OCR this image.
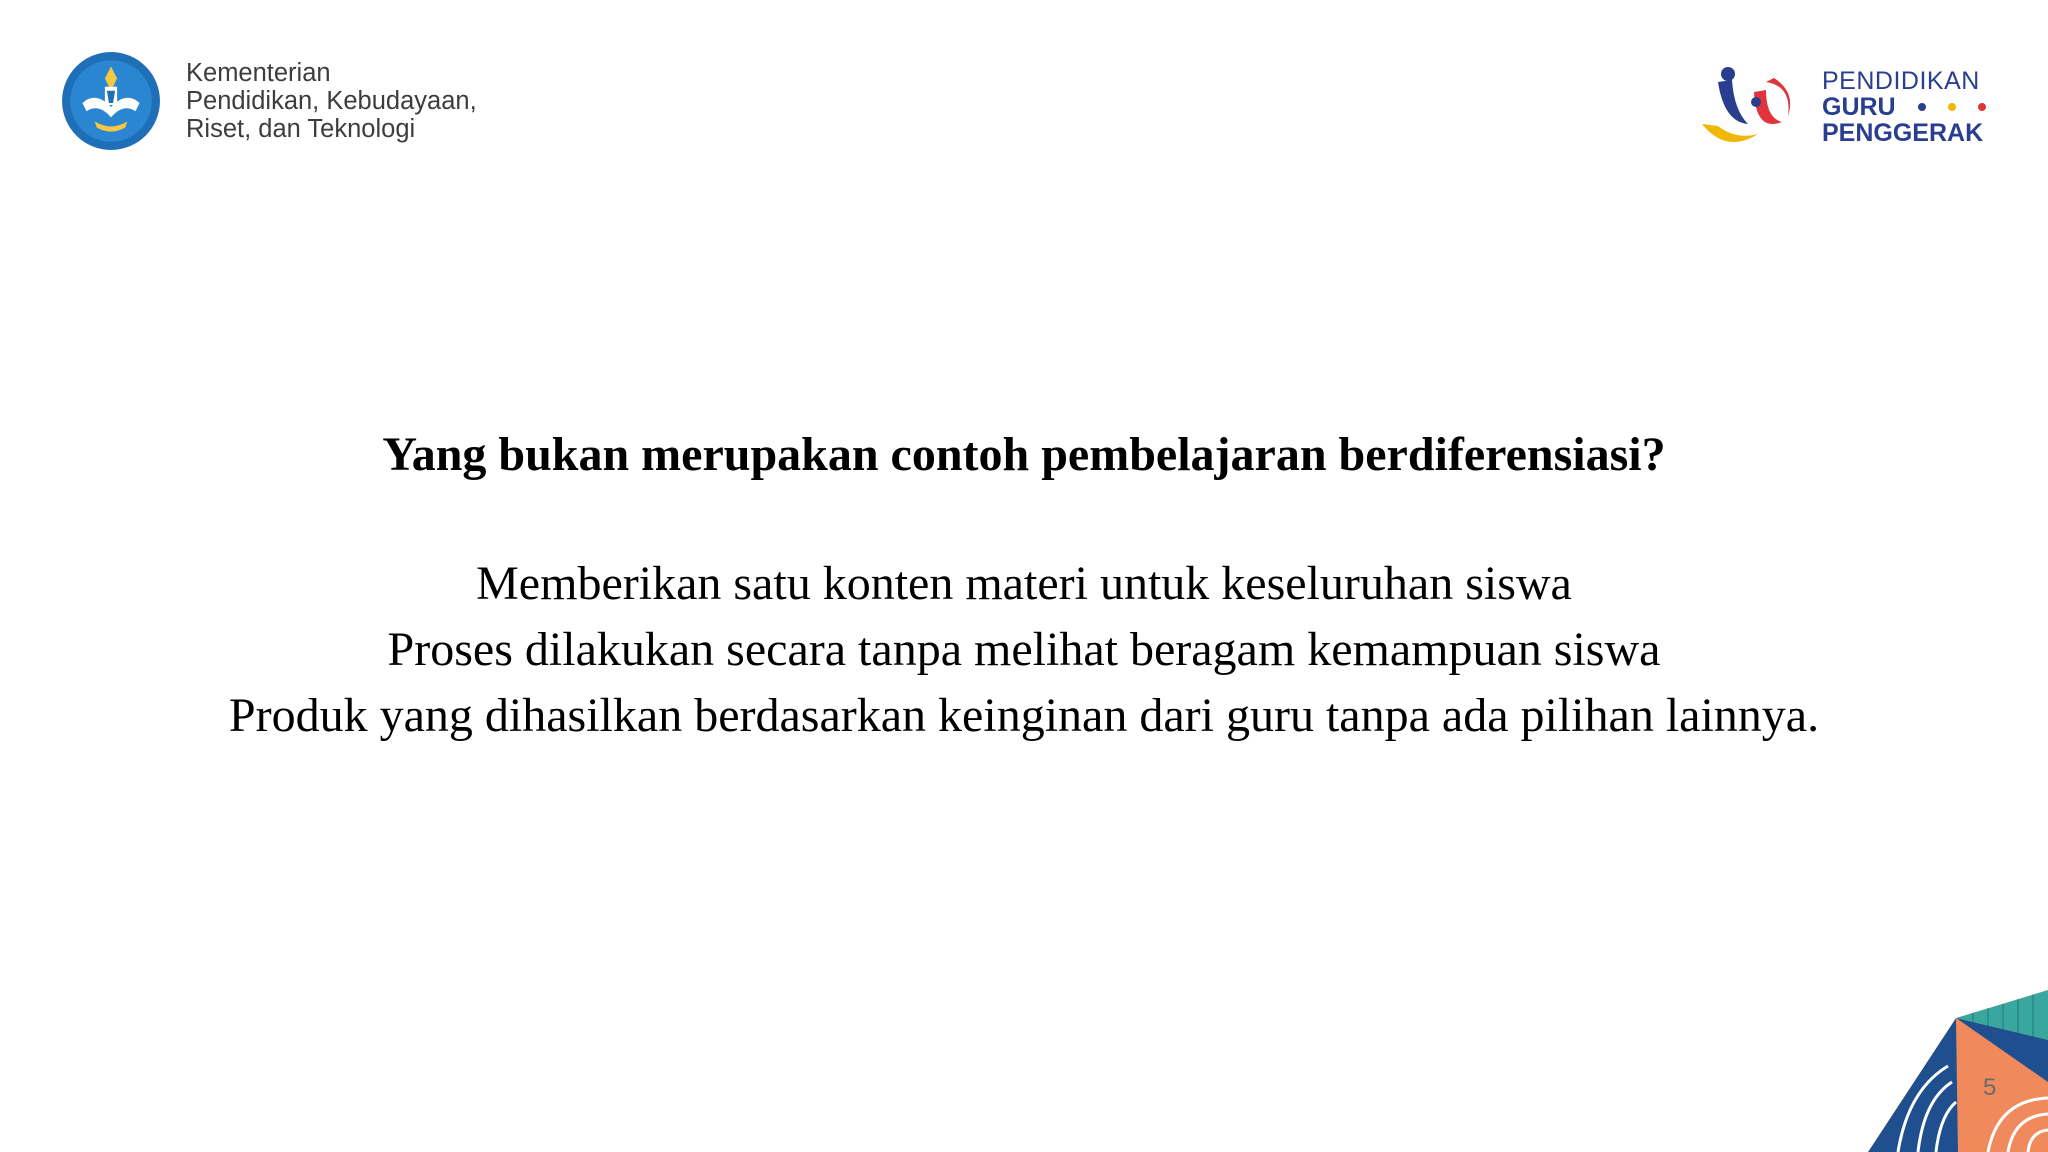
Kementerian
Pendidikan, Kebudayaan,
Riset, dan Teknologi
PENDIDIKAN
GURU
PENGGERAK

Yang bukan merupakan contoh pembelajaran berdiferensiasi?

Memberikan satu konten materi untuk keseluruhan siswa
Proses dilakukan secara tanpa melihat beragam kemampuan siswa
Produk yang dihasilkan berdasarkan keinginan dari guru tanpa ada pilihan lainnya.
5
